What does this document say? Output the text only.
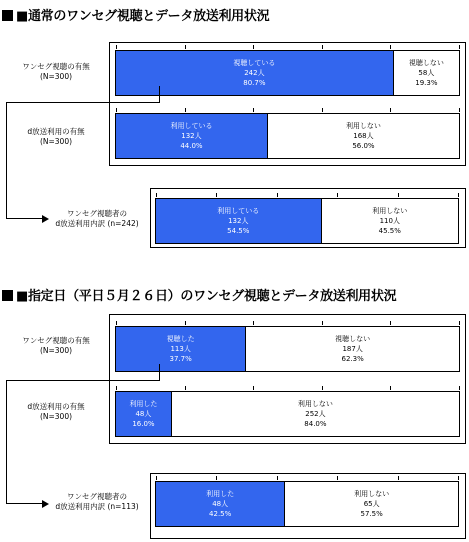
■通常のワンセグ視聴とデータ放送利用状況
ワンセグ視聴の有無
(N=300)
d放送利用の有無
(N=300)
ワンセグ視聴者の
d放送利用内訳 (n=242)
視聴している
242人
80.7%
視聴しない
58人
19.3%
利用している
132人
44.0%
利用しない
168人
56.0%
利用している
132人
54.5%
利用しない
110人
45.5%
■指定日（平日５月２６日）のワンセグ視聴とデータ放送利用状況
ワンセグ視聴の有無
(N=300)
d放送利用の有無
(N=300)
ワンセグ視聴者の
d放送利用内訳 (n=113)
視聴した
113人
37.7%
視聴しない
187人
62.3%
利用した
48人
16.0%
利用しない
252人
84.0%
利用した
48人
42.5%
利用しない
65人
57.5%
